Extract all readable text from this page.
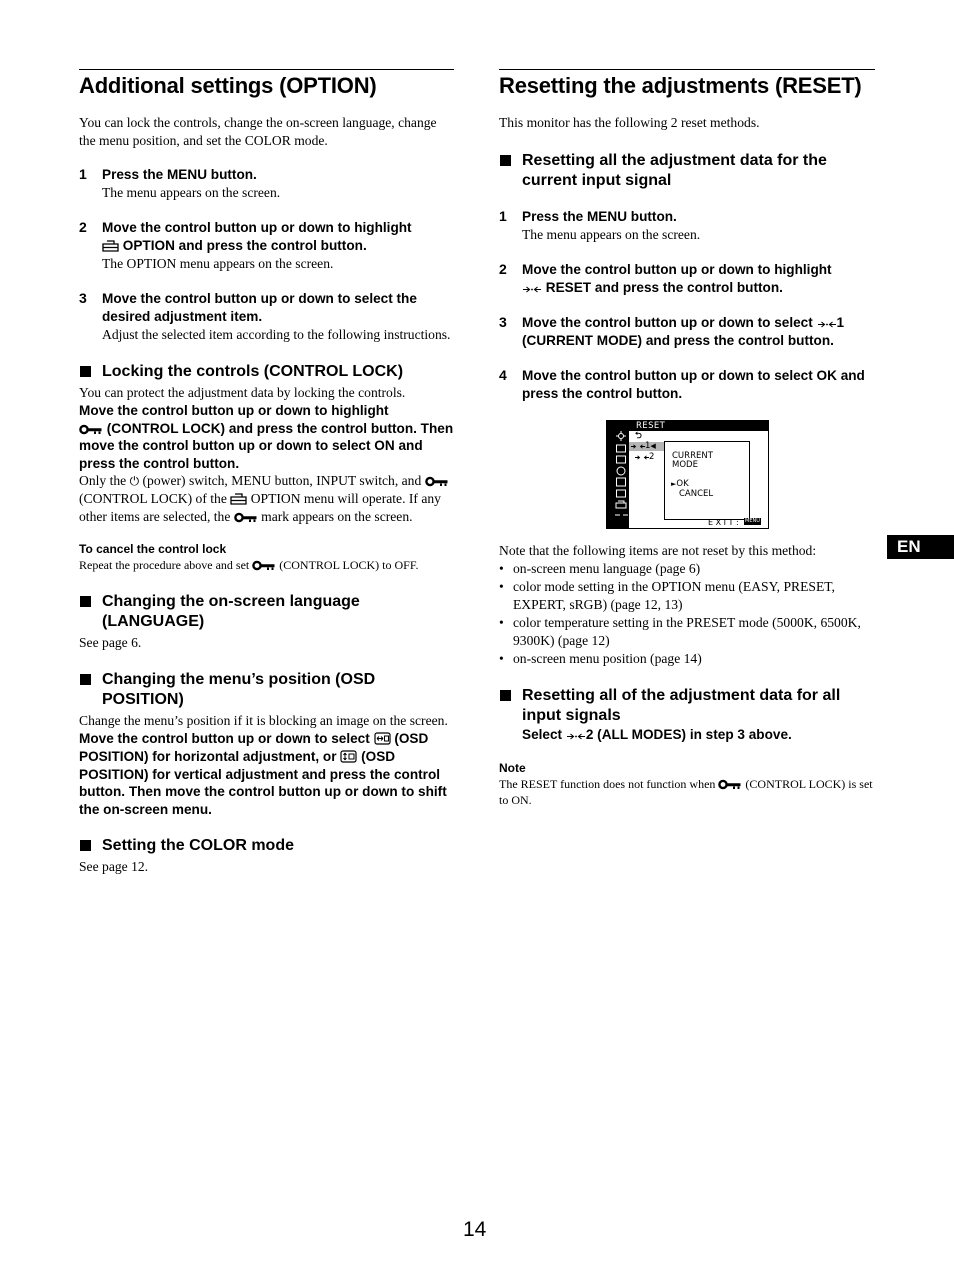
Additional settings (OPTION)
You can lock the controls, change the on-screen language, change the menu position, and set the COLOR mode.
1 Press the MENU button.
The menu appears on the screen.
2 Move the control button up or down to highlight
OPTION and press the control button.
The OPTION menu appears on the screen.
3 Move the control button up or down to select the desired adjustment item.
Adjust the selected item according to the following instructions.
Locking the controls (CONTROL LOCK)
You can protect the adjustment data by locking the controls.
Move the control button up or down to highlight
(CONTROL LOCK) and press the control button. Then move the control button up or down to select ON and press the control button.
Only the ⏻ (power) switch, MENU button, INPUT switch, and  (CONTROL LOCK) of the OPTION menu will operate. If any other items are selected, the mark appears on the screen.
To cancel the control lock
Repeat the procedure above and set	(CONTROL LOCK) to OFF.
Changing the on-screen language (LANGUAGE)
See page 6.
Changing the menu’s position (OSD POSITION)
Change the menu’s position if it is blocking an image on the screen.
Move the control button up or down to select (OSD POSITION) for horizontal adjustment, or (OSD POSITION) for vertical adjustment and press the control button. Then move the control button up or down to shift the on-screen menu.
Setting the COLOR mode
See page 12.
Resetting the adjustments (RESET)
This monitor has the following 2 reset methods.
Resetting all the adjustment data for the current input signal
1 Press the MENU button.
The menu appears on the screen.
2 Move the control button up or down to highlight
RESET and press the control button.
3 Move the control button up or down to select 1 (CURRENT MODE) and press the control button.
4 Move the control button up or down to select OK and press the control button.
RESET
⮌
1◀
2 CURRENT
MODE
►OK
CANCEL
E X I T : MENU
Note that the following items are not reset by this method:
• on-screen menu language (page 6)
• color mode setting in the OPTION menu (EASY, PRESET, EXPERT, sRGB) (page 12, 13)
• color temperature setting in the PRESET mode (5000K, 6500K, 9300K) (page 12)
• on-screen menu position (page 14)
Resetting all of the adjustment data for all input signals
Select 2 (ALL MODES) in step 3 above.
Note
The RESET function does not function when	(CONTROL LOCK) is set to ON.
EN
14
